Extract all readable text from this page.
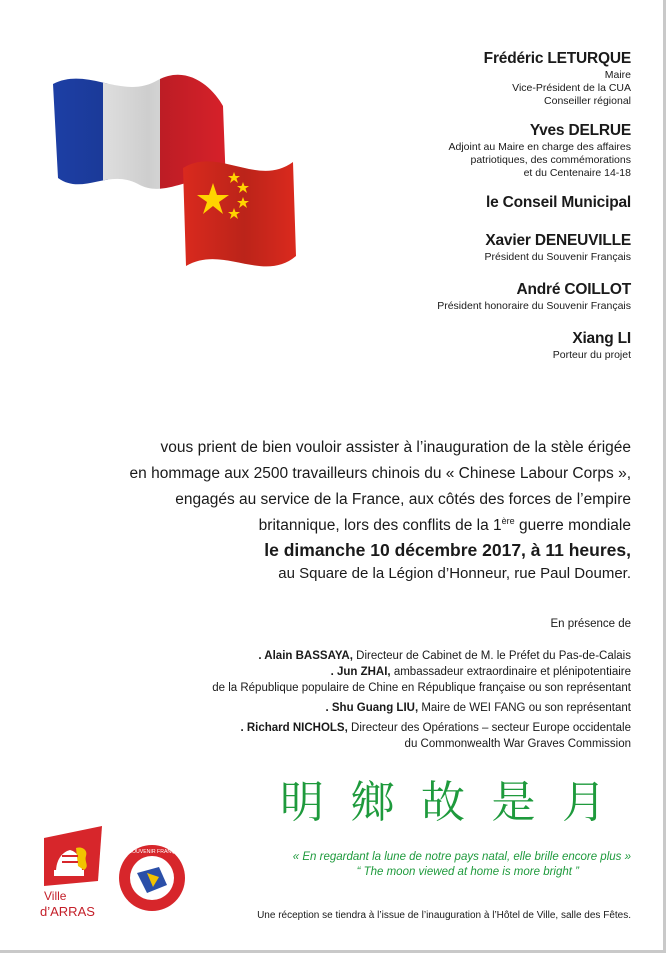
Frédéric LETURQUE
Maire
Vice-Président de la CUA
Conseiller régional
Yves DELRUE
Adjoint au Maire en charge des affaires
patriotiques, des commémorations
et du Centenaire 14-18
le Conseil Municipal
Xavier DENEUVILLE
Président du Souvenir Français
André COILLOT
Président honoraire du Souvenir Français
Xiang LI
Porteur du projet
vous prient de bien vouloir assister à l’inauguration de la stèle érigée
en hommage aux 2500 travailleurs chinois du « Chinese Labour Corps »,
engagés au service de la France, aux côtés des forces de l’empire
britannique, lors des conflits de la 1ère guerre mondiale
le dimanche 10 décembre 2017, à 11 heures,
au Square de la Légion d’Honneur, rue Paul Doumer.
En présence de
. Alain BASSAYA, Directeur de Cabinet de M. le Préfet du Pas-de-Calais
. Jun ZHAI, ambassadeur extraordinaire et plénipotentiaire
de la République populaire de Chine en République française ou son représentant
. Shu Guang LIU, Maire de WEI FANG ou son représentant
. Richard NICHOLS, Directeur des Opérations – secteur Europe occidentale
du Commonwealth War Graves Commission
明 鄉 故 是 月
« En regardant la lune de notre pays natal, elle brille encore plus »
“ The moon viewed at home is more bright ”
Une réception se tiendra à l’issue de l’inauguration à l’Hôtel de Ville, salle des Fêtes.
Ville
d’ARRAS
LE SOUVENIR FRANÇAIS
